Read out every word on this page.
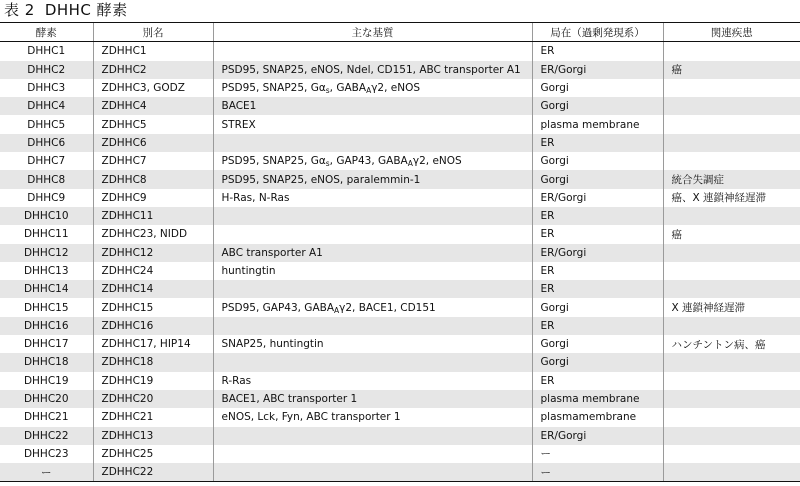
表 2 DHHC 酵素
酵素	別名	主な基質	局在（過剰発現系）	関連疾患
DHHC1	ZDHHC1		ER	
DHHC2	ZDHHC2	PSD95, SNAP25, eNOS, Ndel, CD151, ABC transporter A1	ER/Gorgi	癌
DHHC3	ZDHHC3, GODZ	PSD95, SNAP25, $G\alpha_s$, $GABA_A\gamma 2$, eNOS	Gorgi	
DHHC4	ZDHHC4	BACE1	Gorgi	
DHHC5	ZDHHC5	STREX	plasma membrane	
DHHC6	ZDHHC6		ER	
DHHC7	ZDHHC7	PSD95, SNAP25, $G\alpha_s$, GAP43, $GABA_A\gamma 2$, eNOS	Gorgi	
DHHC8	ZDHHC8	PSD95, SNAP25, eNOS, paralemmin-1	Gorgi	統合失調症
DHHC9	ZDHHC9	H-Ras, N-Ras	ER/Gorgi	癌、X 連鎖神経遅滞
DHHC10	ZDHHC11		ER	
DHHC11	ZDHHC23, NIDD		ER	癌
DHHC12	ZDHHC12	ABC transporter A1	ER/Gorgi	
DHHC13	ZDHHC24	huntingtin	ER	
DHHC14	ZDHHC14		ER	
DHHC15	ZDHHC15	PSD95, GAP43, $GABA_A\gamma 2$, BACE1, CD151	Gorgi	X 連鎖神経遅滞
DHHC16	ZDHHC16		ER	
DHHC17	ZDHHC17, HIP14	SNAP25, huntingtin	Gorgi	ハンチントン病、癌
DHHC18	ZDHHC18		Gorgi	
DHHC19	ZDHHC19	R-Ras	ER	
DHHC20	ZDHHC20	BACE1, ABC transporter 1	plasma membrane	
DHHC21	ZDHHC21	eNOS, Lck, Fyn, ABC transporter 1	plasmamembrane	
DHHC22	ZDHHC13		ER/Gorgi	
DHHC23	ZDHHC25		ー	
ー	ZDHHC22		ー	
